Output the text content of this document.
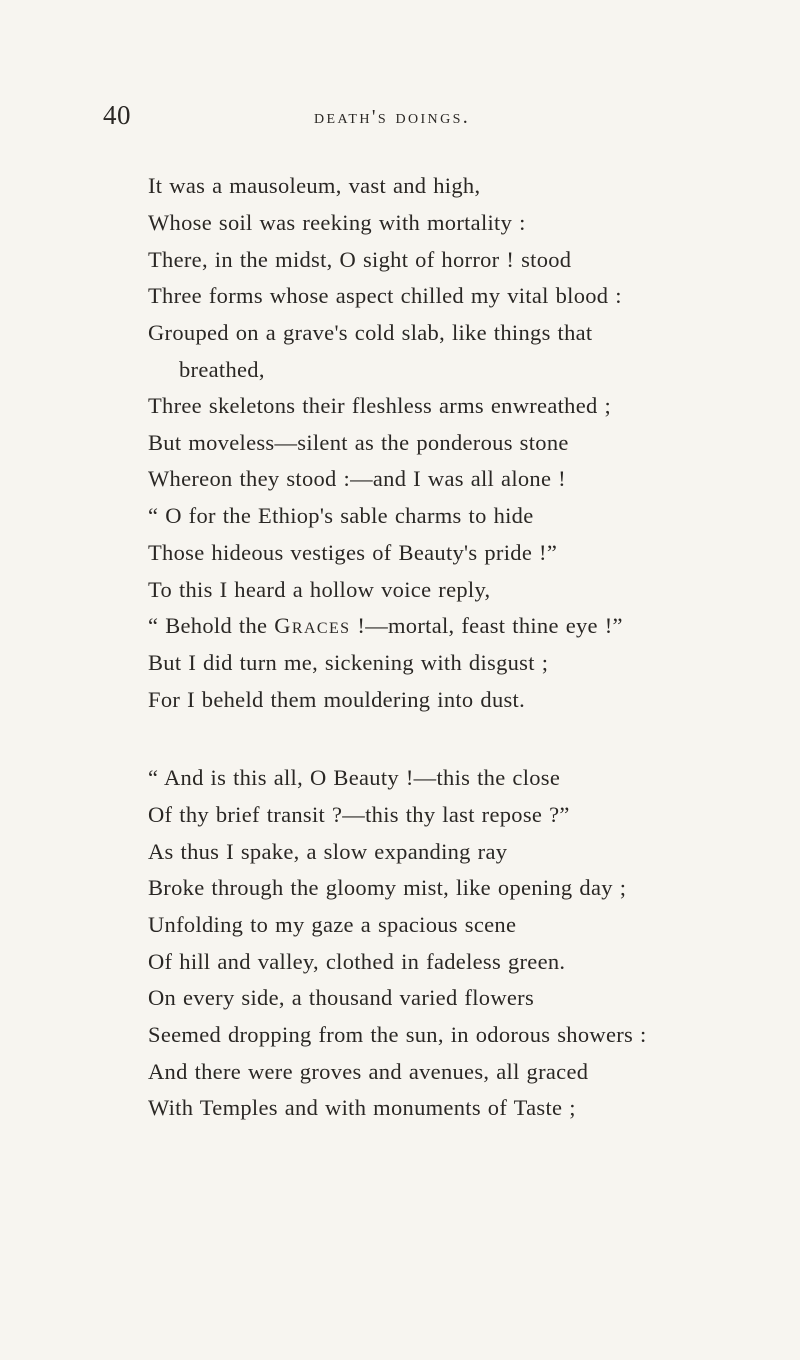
40	death's doings.
It was a mausoleum, vast and high,
Whose soil was reeking with mortality :
There, in the midst, O sight of horror ! stood
Three forms whose aspect chilled my vital blood :
Grouped on a grave's cold slab, like things that
breathed,
Three skeletons their fleshless arms enwreathed ;
But moveless—silent as the ponderous stone
Whereon they stood :—and I was all alone !
“ O for the Ethiop's sable charms to hide
Those hideous vestiges of Beauty's pride !”
To this I heard a hollow voice reply,
“ Behold the Graces !—mortal, feast thine eye !”
But I did turn me, sickening with disgust ;
For I beheld them mouldering into dust.
“ And is this all, O Beauty !—this the close
Of thy brief transit ?—this thy last repose ?”
As thus I spake, a slow expanding ray
Broke through the gloomy mist, like opening day ;
Unfolding to my gaze a spacious scene
Of hill and valley, clothed in fadeless green.
On every side, a thousand varied flowers
Seemed dropping from the sun, in odorous showers :
And there were groves and avenues, all graced
With Temples and with monuments of Taste ;
